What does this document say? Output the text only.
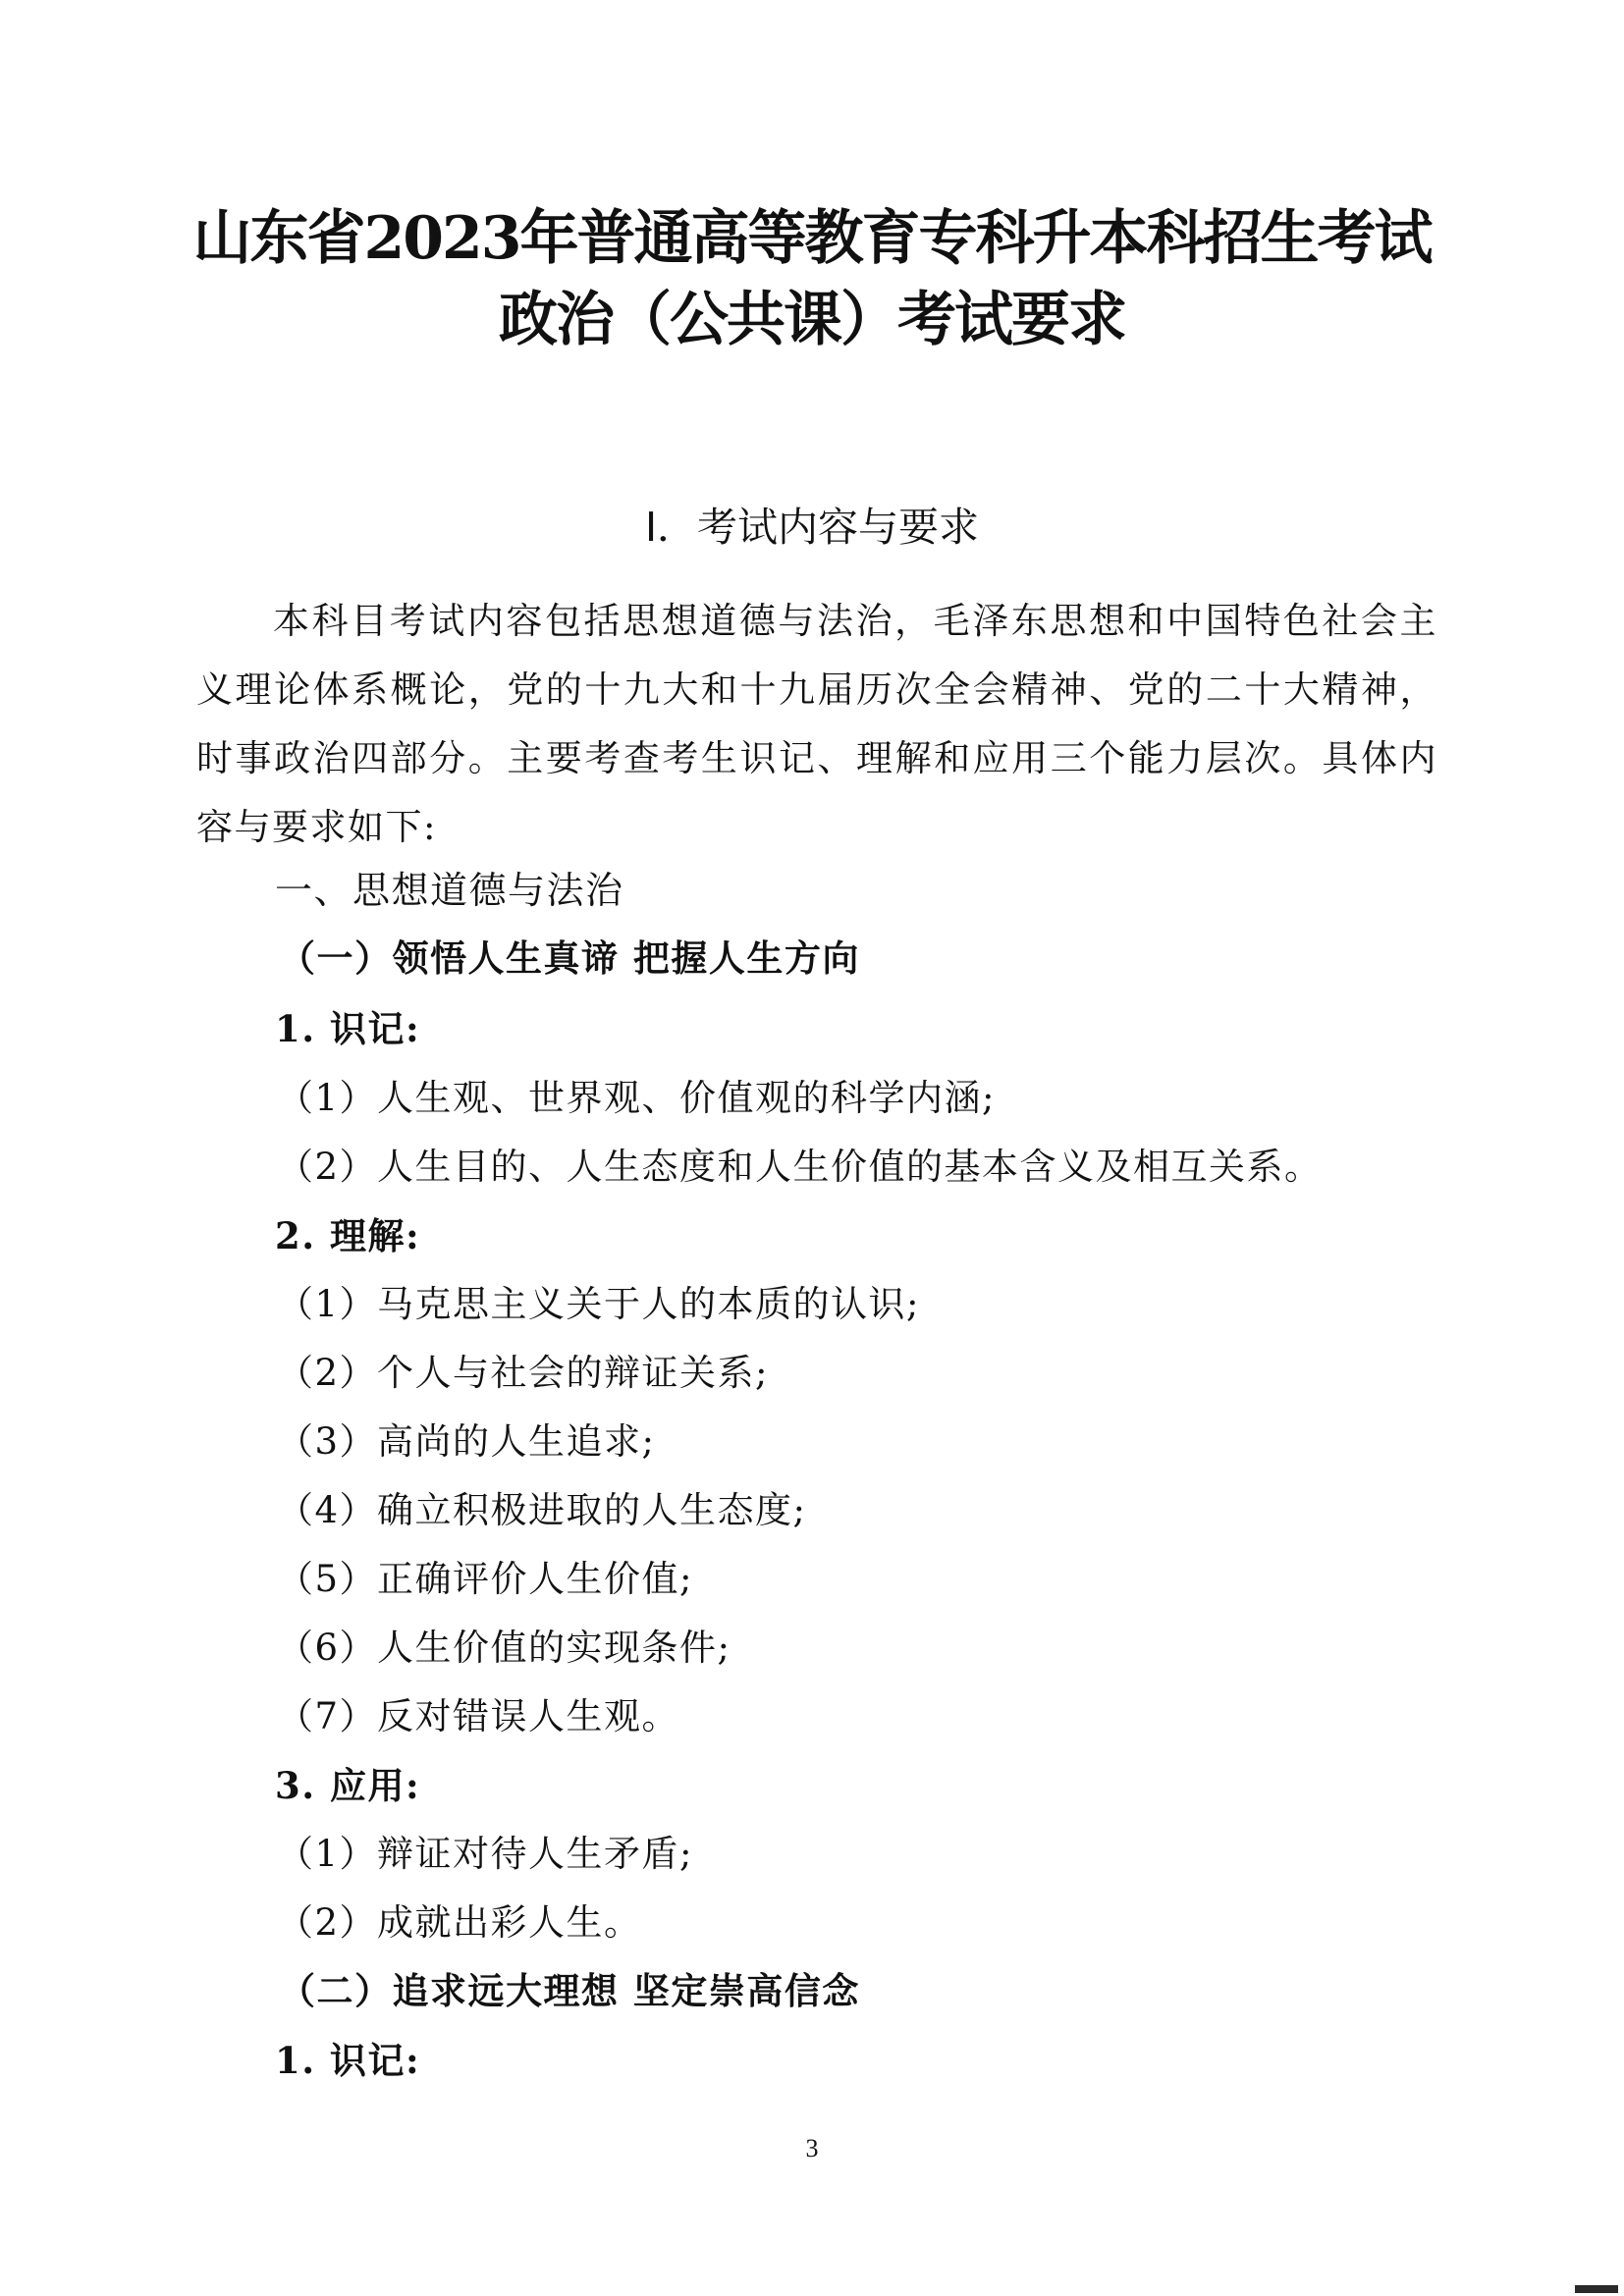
山东省2023年普通高等教育专科升本科招生考试
政治（公共课）考试要求
Ⅰ．考试内容与要求

本科目考试内容包括思想道德与法治，毛泽东思想和中国特色社会主义理论体系概论，党的十九大和十九届历次全会精神、党的二十大精神，时事政治四部分。主要考查考生识记、理解和应用三个能力层次。具体内容与要求如下:

一、思想道德与法治
（一）领悟人生真谛 把握人生方向
1. 识记:
（1）人生观、世界观、价值观的科学内涵;
（2）人生目的、人生态度和人生价值的基本含义及相互关系。
2. 理解:
（1）马克思主义关于人的本质的认识;
（2）个人与社会的辩证关系;
（3）高尚的人生追求;
（4）确立积极进取的人生态度;
（5）正确评价人生价值;
（6）人生价值的实现条件;
（7）反对错误人生观。
3. 应用:
（1）辩证对待人生矛盾;
（2）成就出彩人生。
（二）追求远大理想 坚定崇高信念
1. 识记:
3
